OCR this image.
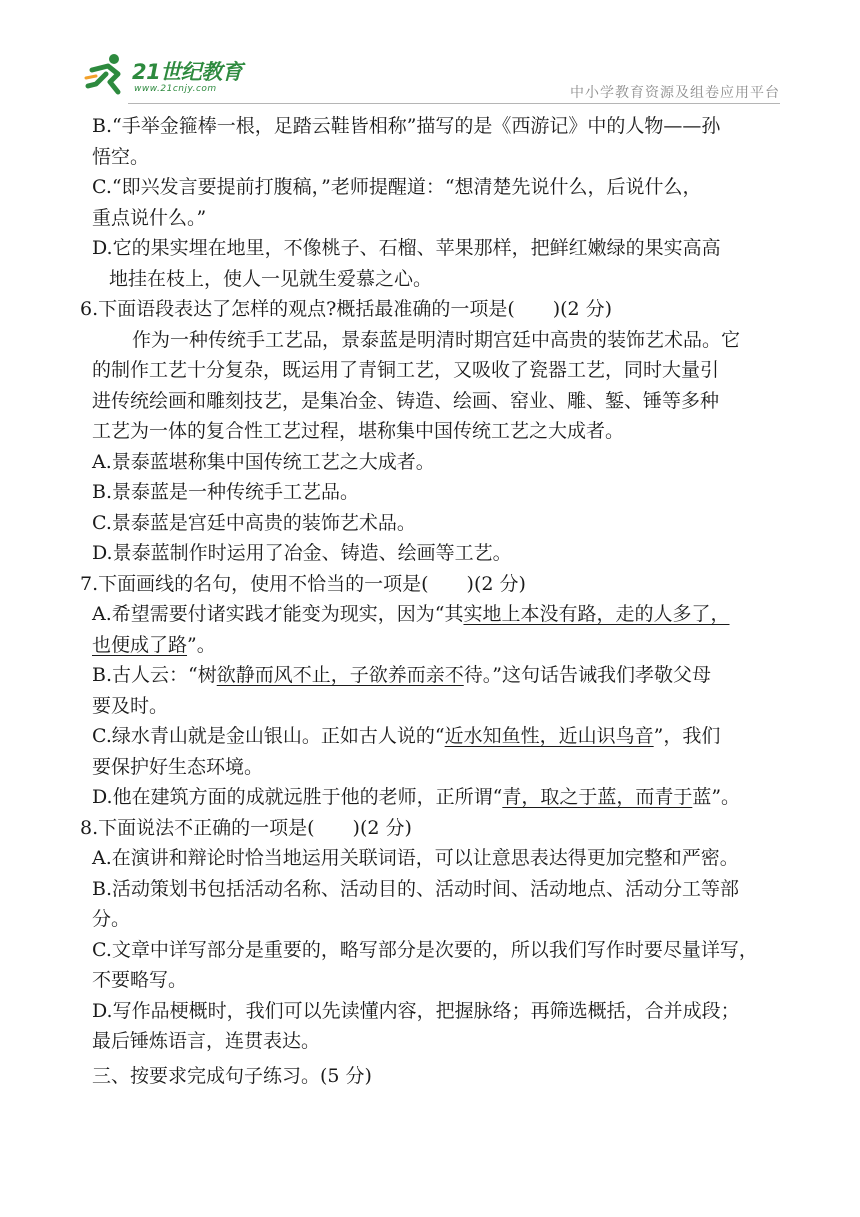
21世纪教育
www.21cnjy.com	中小学教育资源及组卷应用平台

B.“手举金箍棒一根，足踏云鞋皆相称”描写的是《西游记》中的人物——孙

悟空。

C.“即兴发言要提前打腹稿，”老师提醒道：“想清楚先说什么，后说什么，

重点说什么。”

D.它的果实埋在地里，不像桃子、石榴、苹果那样，把鲜红嫩绿的果实高高

地挂在枝上，使人一见就生爱慕之心。

6.下面语段表达了怎样的观点?概括最准确的一项是(　　)(2 分)

作为一种传统手工艺品，景泰蓝是明清时期宫廷中高贵的装饰艺术品。它

的制作工艺十分复杂，既运用了青铜工艺，又吸收了瓷器工艺，同时大量引

进传统绘画和雕刻技艺，是集冶金、铸造、绘画、窑业、雕、錾、锤等多种

工艺为一体的复合性工艺过程，堪称集中国传统工艺之大成者。

A.景泰蓝堪称集中国传统工艺之大成者。

B.景泰蓝是一种传统手工艺品。

C.景泰蓝是宫廷中高贵的装饰艺术品。

D.景泰蓝制作时运用了冶金、铸造、绘画等工艺。

7.下面画线的名句，使用不恰当的一项是(　　)(2 分)

A.希望需要付诸实践才能变为现实，因为“其实地上本没有路，走的人多了，

也便成了路”。

B.古人云：“树欲静而风不止，子欲养而亲不待。”这句话告诫我们孝敬父母

要及时。

C.绿水青山就是金山银山。正如古人说的“近水知鱼性，近山识鸟音”，我们

要保护好生态环境。

D.他在建筑方面的成就远胜于他的老师，正所谓“青，取之于蓝，而青于蓝”。

8.下面说法不正确的一项是(　　)(2 分)

A.在演讲和辩论时恰当地运用关联词语，可以让意思表达得更加完整和严密。

B.活动策划书包括活动名称、活动目的、活动时间、活动地点、活动分工等部

分。

C.文章中详写部分是重要的，略写部分是次要的，所以我们写作时要尽量详写，

不要略写。

D.写作品梗概时，我们可以先读懂内容，把握脉络；再筛选概括，合并成段；

最后锤炼语言，连贯表达。

三、按要求完成句子练习。(5 分)
